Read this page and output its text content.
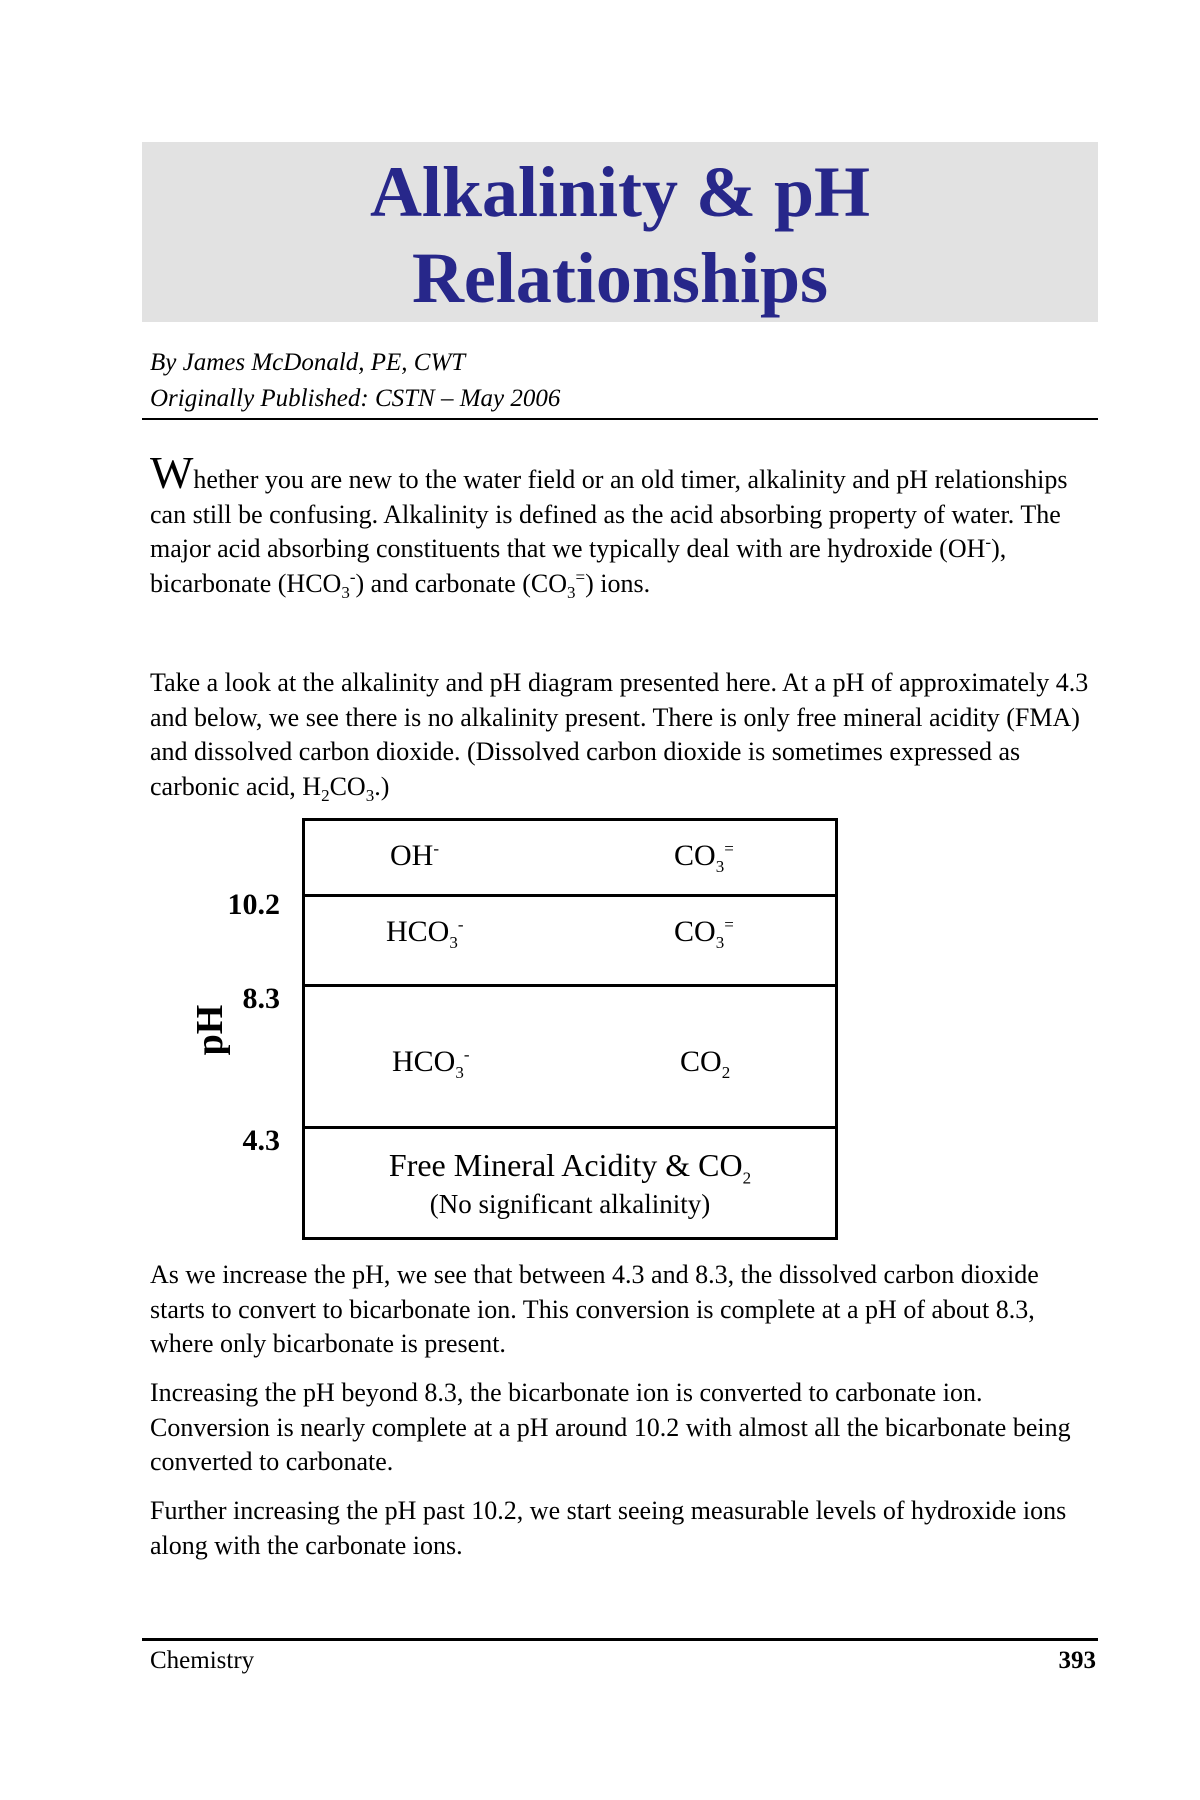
Alkalinity & pH
Relationships
By James McDonald, PE, CWT
Originally Published: CSTN – May 2006

Whether you are new to the water field or an old timer, alkalinity and pH relationships can still be confusing. Alkalinity is defined as the acid absorbing property of water. The major acid absorbing constituents that we typically deal with are hydroxide (OH-), bicarbonate $(HCO_3^-)$ and carbonate $(CO_3^=)$ ions.

Take a look at the alkalinity and pH diagram presented here. At a pH of approximately 4.3 and below, we see there is no alkalinity present. There is only free mineral acidity (FMA) and dissolved carbon dioxide. (Dissolved carbon dioxide is sometimes expressed as carbonic acid, $H_2CO_3$.)

pH
10.2
8.3
4.3
OH-	$CO_3^=$
$HCO_3^-$	$CO_3^=$
$HCO_3^-$	$CO_2$
Free Mineral Acidity & $CO_2$
(No significant alkalinity)

As we increase the pH, we see that between 4.3 and 8.3, the dissolved carbon dioxide starts to convert to bicarbonate ion. This conversion is complete at a pH of about 8.3, where only bicarbonate is present.

Increasing the pH beyond 8.3, the bicarbonate ion is converted to carbonate ion. Conversion is nearly complete at a pH around 10.2 with almost all the bicarbonate being converted to carbonate.

Further increasing the pH past 10.2, we start seeing measurable levels of hydroxide ions along with the carbonate ions.

Chemistry	393
